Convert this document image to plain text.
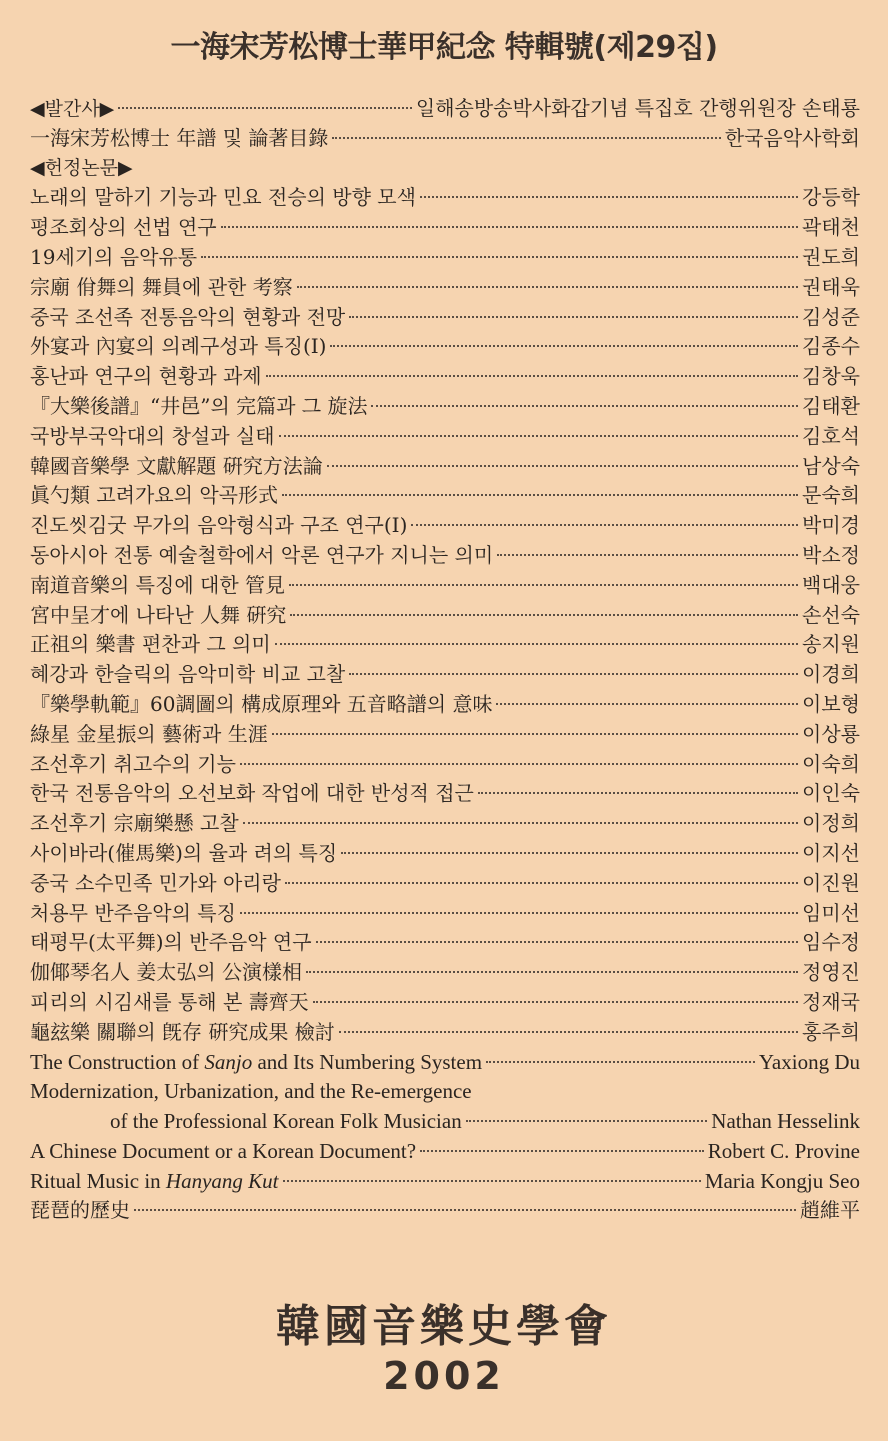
一海宋芳松博士華甲紀念 特輯號(제29집)
◀발간사▶	일해송방송박사화갑기념 특집호 간행위원장 손태룡
一海宋芳松博士 年譜 및 論著目錄	한국음악사학회
◀헌정논문▶
노래의 말하기 기능과 민요 전승의 방향 모색	강등학
평조회상의 선법 연구	곽태천
19세기의 음악유통	권도희
宗廟 佾舞의 舞員에 관한 考察	권태욱
중국 조선족 전통음악의 현황과 전망	김성준
外宴과 內宴의 의례구성과 특징(Ⅰ)	김종수
홍난파 연구의 현황과 과제	김창욱
『大樂後譜』“井邑”의 完篇과 그 旋法	김태환
국방부국악대의 창설과 실태	김호석
韓國音樂學 文獻解題 硏究方法論	남상숙
眞勺類 고려가요의 악곡形式	문숙희
진도씻김굿 무가의 음악형식과 구조 연구(Ⅰ)	박미경
동아시아 전통 예술철학에서 악론 연구가 지니는 의미	박소정
南道音樂의 특징에 대한 管見	백대웅
宮中呈才에 나타난 人舞 硏究	손선숙
正祖의 樂書 편찬과 그 의미	송지원
혜강과 한슬릭의 음악미학 비교 고찰	이경희
『樂學軌範』60調圖의 構成原理와 五音略譜의 意味	이보형
綠星 金星振의 藝術과 生涯	이상룡
조선후기 취고수의 기능	이숙희
한국 전통음악의 오선보화 작업에 대한 반성적 접근	이인숙
조선후기 宗廟樂懸 고찰	이정희
사이바라(催馬樂)의 율과 려의 특징	이지선
중국 소수민족 민가와 아리랑	이진원
처용무 반주음악의 특징	임미선
태평무(太平舞)의 반주음악 연구	임수정
伽倻琴名人 姜太弘의 公演樣相	정영진
피리의 시김새를 통해 본 壽齊天	정재국
龜玆樂 關聯의 旣存 硏究成果 檢討	홍주희
The Construction of Sanjo and Its Numbering System	Yaxiong Du
Modernization, Urbanization, and the Re-emergence
of the Professional Korean Folk Musician	Nathan Hesselink
A Chinese Document or a Korean Document?	Robert C. Provine
Ritual Music in Hanyang Kut	Maria Kongju Seo
琵琶的歷史	趙維平
韓國音樂史學會
2002
